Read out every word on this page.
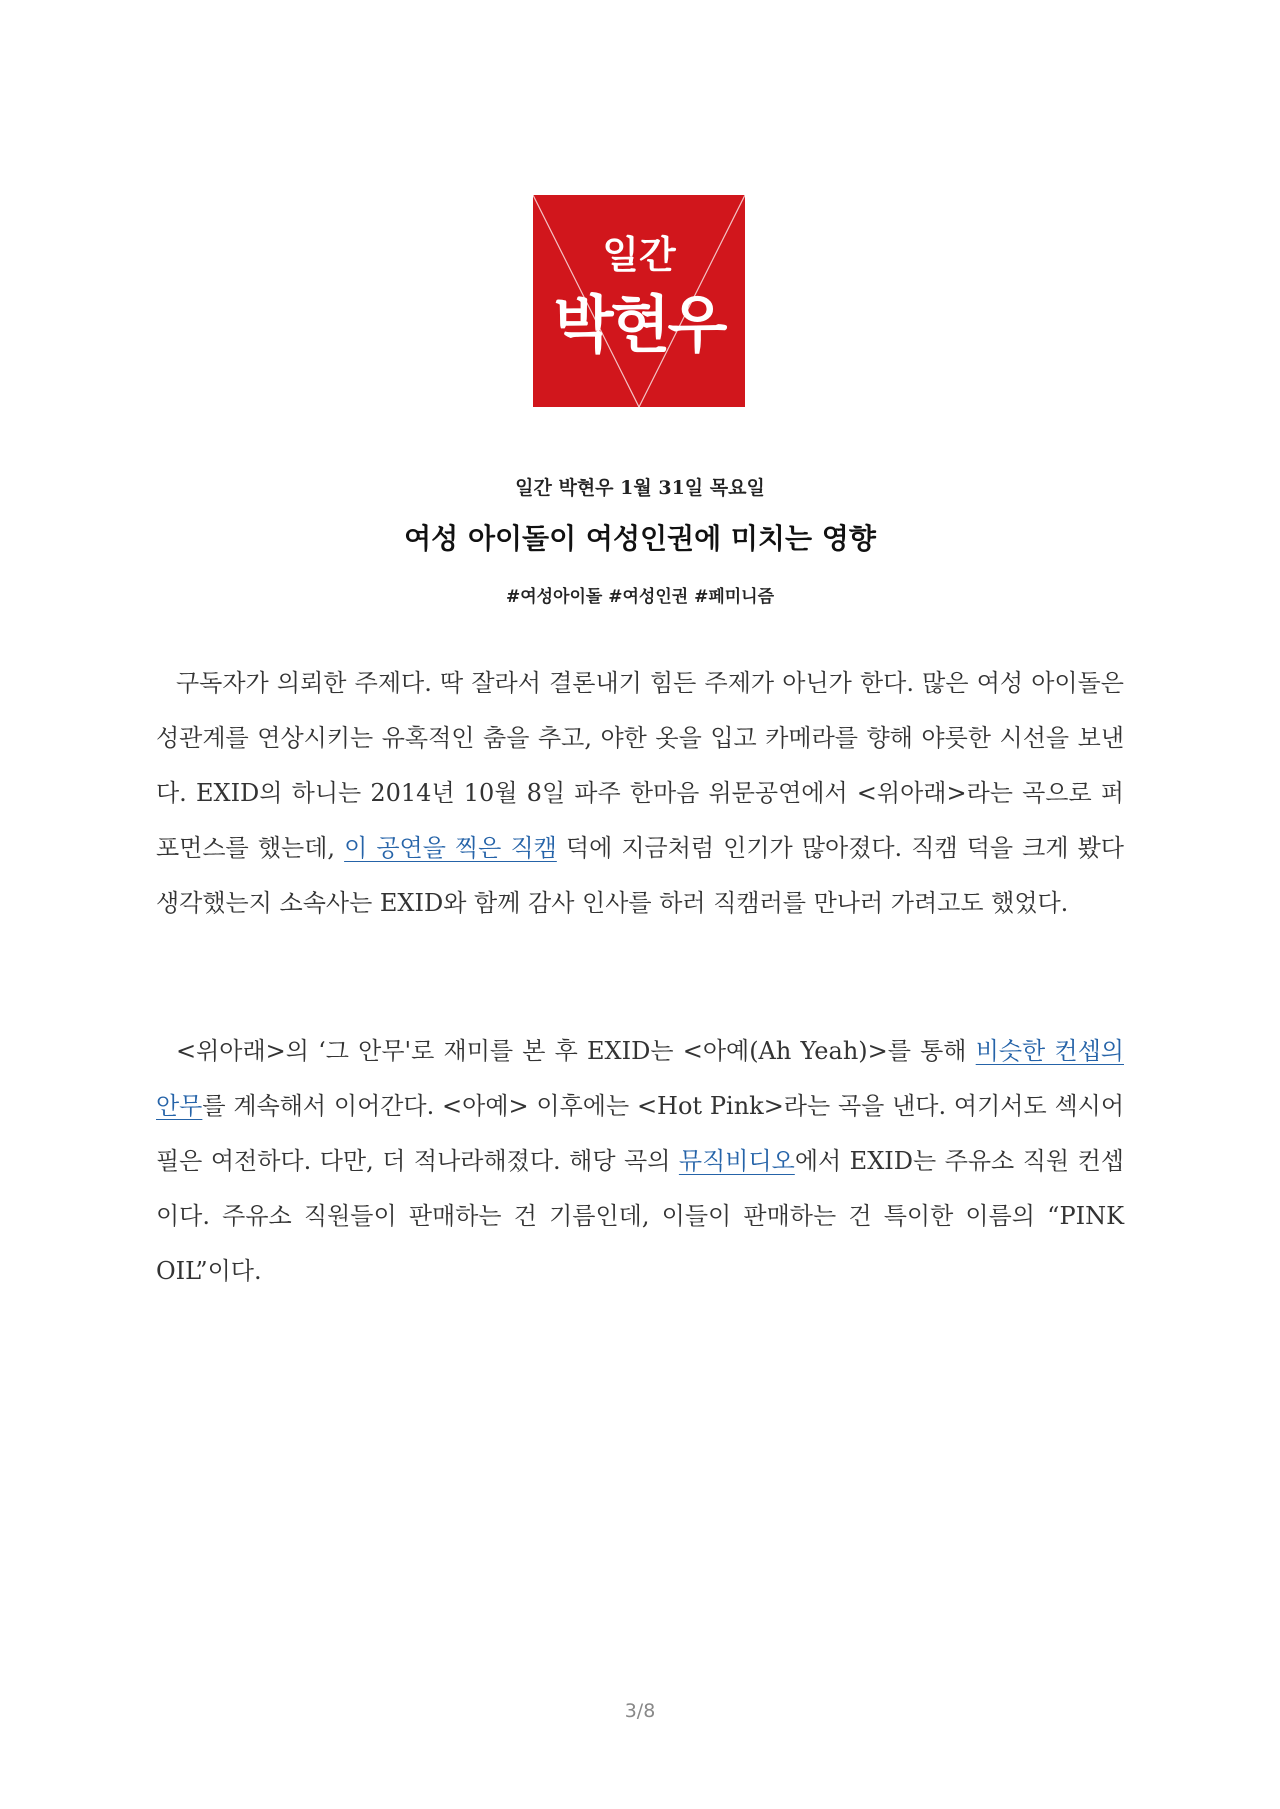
일간
박현우
일간 박현우 1월 31일 목요일
여성 아이돌이 여성인권에 미치는 영향
#여성아이돌 #여성인권 #페미니즘

구독자가 의뢰한 주제다. 딱 잘라서 결론내기 힘든 주제가 아닌가 한다. 많은 여성 아이돌은 성관계를 연상시키는 유혹적인 춤을 추고, 야한 옷을 입고 카메라를 향해 야릇한 시선을 보낸다. EXID의 하니는 2014년 10월 8일 파주 한마음 위문공연에서 <위아래>라는 곡으로 퍼포먼스를 했는데, 이 공연을 찍은 직캠 덕에 지금처럼 인기가 많아졌다. 직캠 덕을 크게 봤다 생각했는지 소속사는 EXID와 함께 감사 인사를 하러 직캠러를 만나러 가려고도 했었다.

<위아래>의 ‘그 안무'로 재미를 본 후 EXID는 <아예(Ah Yeah)>를 통해 비슷한 컨셉의 안무를 계속해서 이어간다. <아예> 이후에는 <Hot Pink>라는 곡을 낸다. 여기서도 섹시어필은 여전하다. 다만, 더 적나라해졌다. 해당 곡의 뮤직비디오에서 EXID는 주유소 직원 컨셉이다. 주유소 직원들이 판매하는 건 기름인데, 이들이 판매하는 건 특이한 이름의 “PINK OIL”이다.

3/8
